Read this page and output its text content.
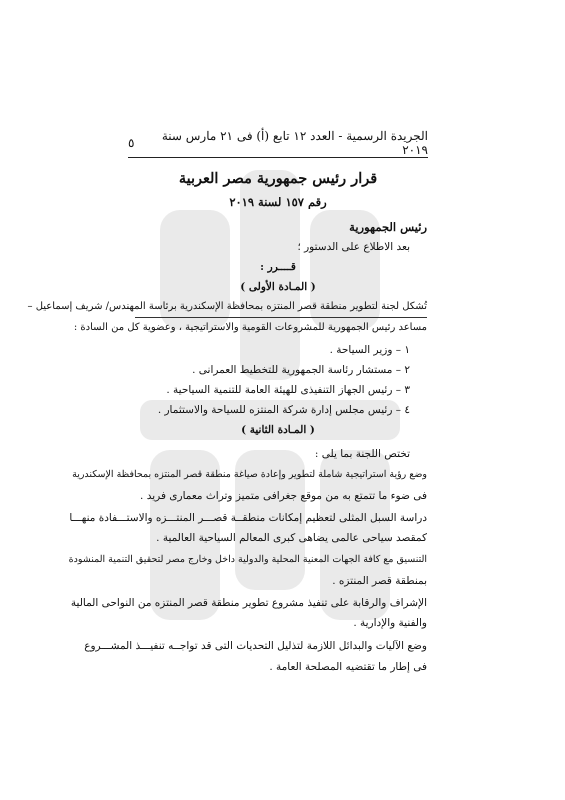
الجريدة الرسمية - العدد ١٢ تابع (أ) فى ٢١ مارس سنة ٢٠١٩
٥
قرار رئيس جمهورية مصر العربية
رقم ١٥٧ لسنة ٢٠١٩
رئيس الجمهورية
بعد الاطلاع على الدستور ؛
قــــرر :
( المـادة الأولى )
تُشكل لجنة لتطوير منطقة قصر المنتزه بمحافظة الإسكندرية برئاسة المهندس/ شريف إسماعيل –
مساعد رئيس الجمهورية للمشروعات القومية والاستراتيجية ، وعضوية كل من السادة :
١ – وزير السياحة .
٢ – مستشار رئاسة الجمهورية للتخطيط العمرانى .
٣ – رئيس الجهاز التنفيذى للهيئة العامة للتنمية السياحية .
٤ – رئيس مجلس إدارة شركة المنتزه للسياحة والاستثمار .
( المـادة الثانية )
تختص اللجنة بما يلى :
وضع رؤية استراتيجية شاملة لتطوير وإعادة صياغة منطقة قصر المنتزه بمحافظة الإسكندرية
فى ضوء ما تتمتع به من موقع جغرافى متميز وتراث معمارى فريد .
دراسة السبل المثلى لتعظيم إمكانات منطقــة قصـــر المنتـــزه والاستـــفادة منهـــا
كمقصد سياحى عالمى يضاهى كبرى المعالم السياحية العالمية .
التنسيق مع كافة الجهات المعنية المحلية والدولية داخل وخارج مصر لتحقيق التنمية المنشودة
بمنطقة قصر المنتزه .
الإشراف والرقابة على تنفيذ مشروع تطوير منطقة قصر المنتزه من النواحى المالية
والفنية والإدارية .
وضع الآليات والبدائل اللازمة لتذليل التحديات التى قد تواجــه تنفيـــذ المشـــروع
فى إطار ما تقتضيه المصلحة العامة .
